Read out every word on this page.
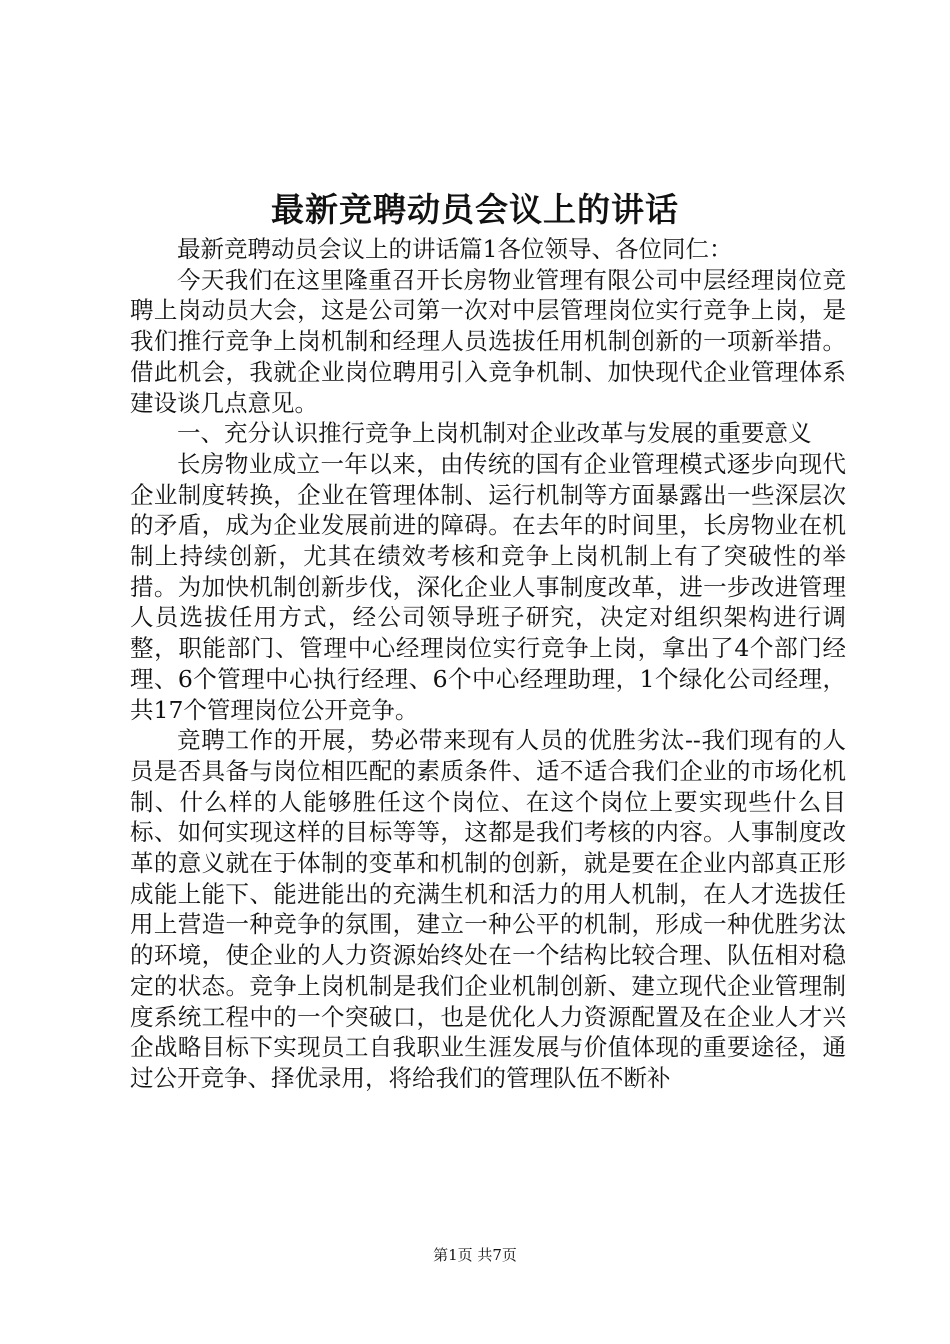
最新竞聘动员会议上的讲话

最新竞聘动员会议上的讲话篇1各位领导、各位同仁：

今天我们在这里隆重召开长房物业管理有限公司中层经理岗位竞聘上岗动员大会，这是公司第一次对中层管理岗位实行竞争上岗，是我们推行竞争上岗机制和经理人员选拔任用机制创新的一项新举措。借此机会，我就企业岗位聘用引入竞争机制、加快现代企业管理体系建设谈几点意见。

一、充分认识推行竞争上岗机制对企业改革与发展的重要意义

长房物业成立一年以来，由传统的国有企业管理模式逐步向现代企业制度转换，企业在管理体制、运行机制等方面暴露出一些深层次的矛盾，成为企业发展前进的障碍。在去年的时间里，长房物业在机制上持续创新，尤其在绩效考核和竞争上岗机制上有了突破性的举措。为加快机制创新步伐，深化企业人事制度改革，进一步改进管理人员选拔任用方式，经公司领导班子研究，决定对组织架构进行调整，职能部门、管理中心经理岗位实行竞争上岗，拿出了4个部门经理、6个管理中心执行经理、6个中心经理助理，1个绿化公司经理，共17个管理岗位公开竞争。

竞聘工作的开展，势必带来现有人员的优胜劣汰--我们现有的人员是否具备与岗位相匹配的素质条件、适不适合我们企业的市场化机制、什么样的人能够胜任这个岗位、在这个岗位上要实现些什么目标、如何实现这样的目标等等，这都是我们考核的内容。人事制度改革的意义就在于体制的变革和机制的创新，就是要在企业内部真正形成能上能下、能进能出的充满生机和活力的用人机制，在人才选拔任用上营造一种竞争的氛围，建立一种公平的机制，形成一种优胜劣汰的环境，使企业的人力资源始终处在一个结构比较合理、队伍相对稳定的状态。竞争上岗机制是我们企业机制创新、建立现代企业管理制度系统工程中的一个突破口，也是优化人力资源配置及在企业人才兴企战略目标下实现员工自我职业生涯发展与价值体现的重要途径，通过公开竞争、择优录用，将给我们的管理队伍不断补

第1页 共7页
